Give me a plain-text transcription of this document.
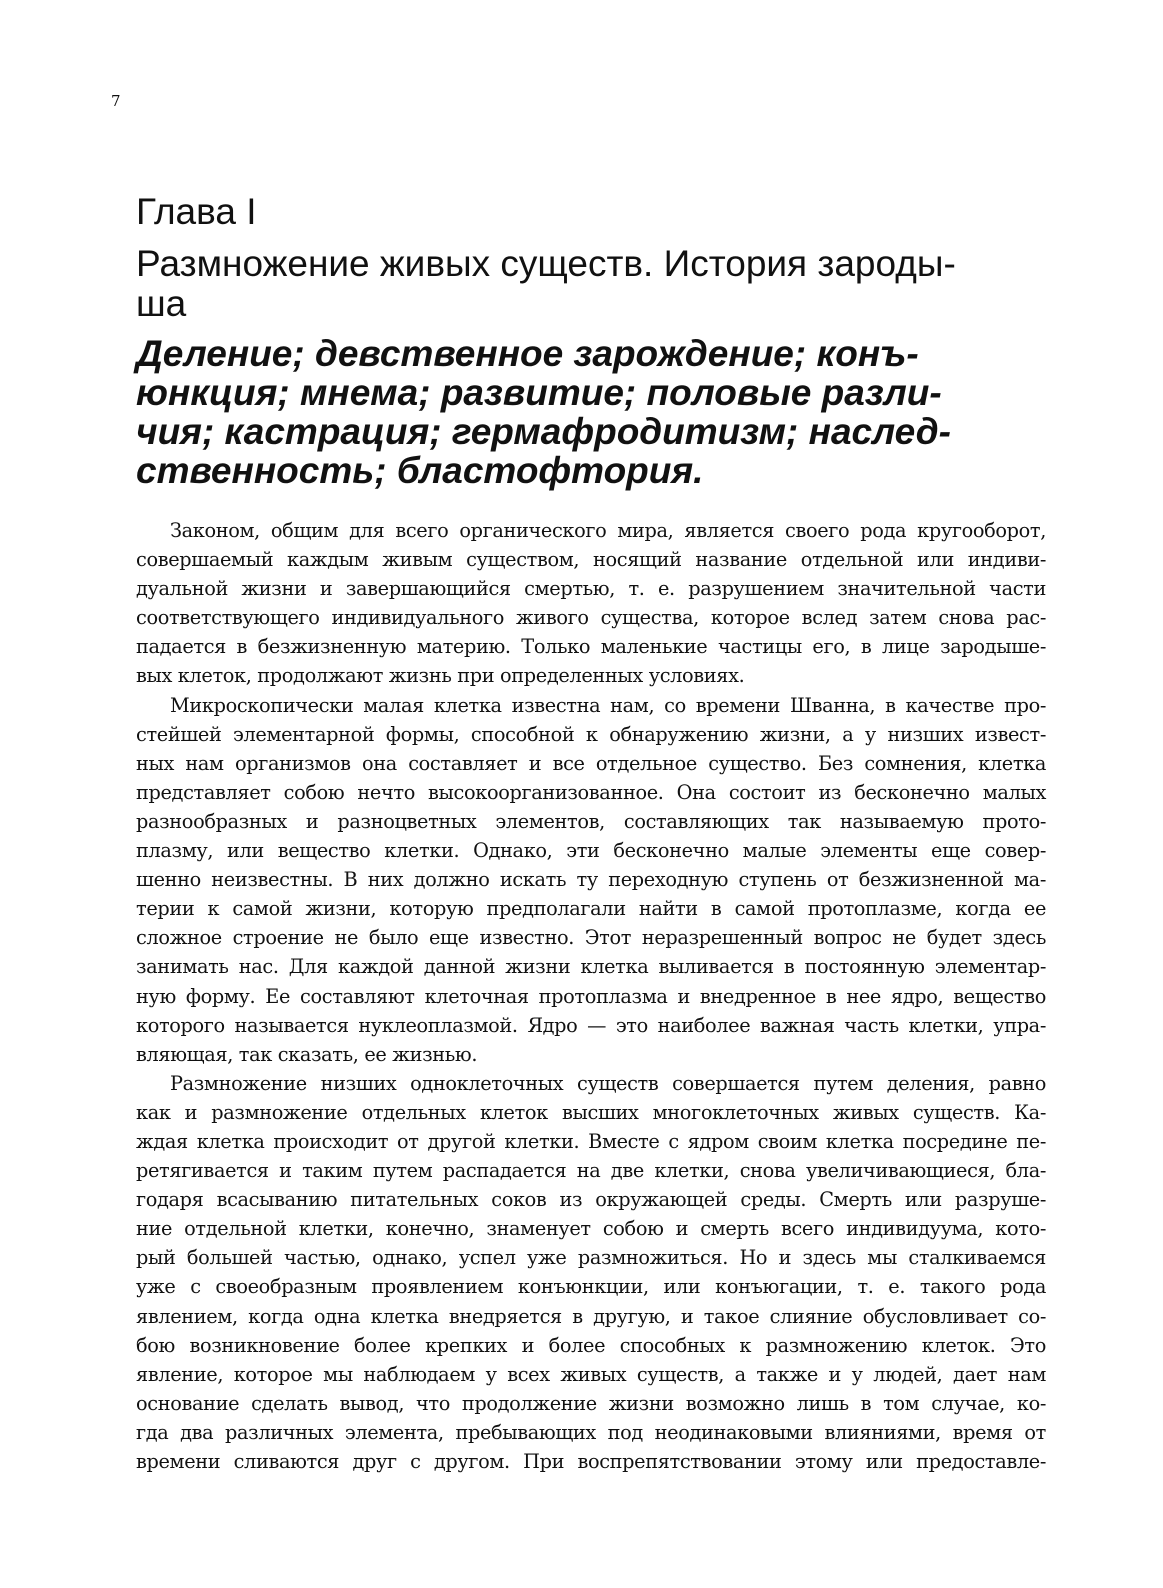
7
Глава I
Размножение живых существ. История зароды-
ша
Деление; девственное зарождение; конъ-
юнкция; мнема; развитие; половые разли-
чия; кастрация; гермафродитизм; наслед-
ственность; бластофтория.
Законом, общим для всего органического мира, является своего рода кругооборот,
совершаемый каждым живым существом, носящий название отдельной или индиви-
дуальной жизни и завершающийся смертью, т. е. разрушением значительной части
соответствующего индивидуального живого существа, которое вслед затем снова рас-
падается в безжизненную материю. Только маленькие частицы его, в лице зародыше-
вых клеток, продолжают жизнь при определенных условиях.
Микроскопически малая клетка известна нам, со времени Шванна, в качестве про-
стейшей элементарной формы, способной к обнаружению жизни, а у низших извест-
ных нам организмов она составляет и все отдельное существо. Без сомнения, клетка
представляет собою нечто высокоорганизованное. Она состоит из бесконечно малых
разнообразных и разноцветных элементов, составляющих так называемую прото-
плазму, или вещество клетки. Однако, эти бесконечно малые элементы еще совер-
шенно неизвестны. В них должно искать ту переходную ступень от безжизненной ма-
терии к самой жизни, которую предполагали найти в самой протоплазме, когда ее
сложное строение не было еще известно. Этот неразрешенный вопрос не будет здесь
занимать нас. Для каждой данной жизни клетка выливается в постоянную элементар-
ную форму. Ее составляют клеточная протоплазма и внедренное в нее ядро, вещество
которого называется нуклеоплазмой. Ядро — это наиболее важная часть клетки, упра-
вляющая, так сказать, ее жизнью.
Размножение низших одноклеточных существ совершается путем деления, равно
как и размножение отдельных клеток высших многоклеточных живых существ. Ка-
ждая клетка происходит от другой клетки. Вместе с ядром своим клетка посредине пе-
ретягивается и таким путем распадается на две клетки, снова увеличивающиеся, бла-
годаря всасыванию питательных соков из окружающей среды. Смерть или разруше-
ние отдельной клетки, конечно, знаменует собою и смерть всего индивидуума, кото-
рый большей частью, однако, успел уже размножиться. Но и здесь мы сталкиваемся
уже с своеобразным проявлением конъюнкции, или конъюгации, т. е. такого рода
явлением, когда одна клетка внедряется в другую, и такое слияние обусловливает со-
бою возникновение более крепких и более способных к размножению клеток. Это
явление, которое мы наблюдаем у всех живых существ, а также и у людей, дает нам
основание сделать вывод, что продолжение жизни возможно лишь в том случае, ко-
гда два различных элемента, пребывающих под неодинаковыми влияниями, время от
времени сливаются друг с другом. При воспрепятствовании этому или предоставле-
